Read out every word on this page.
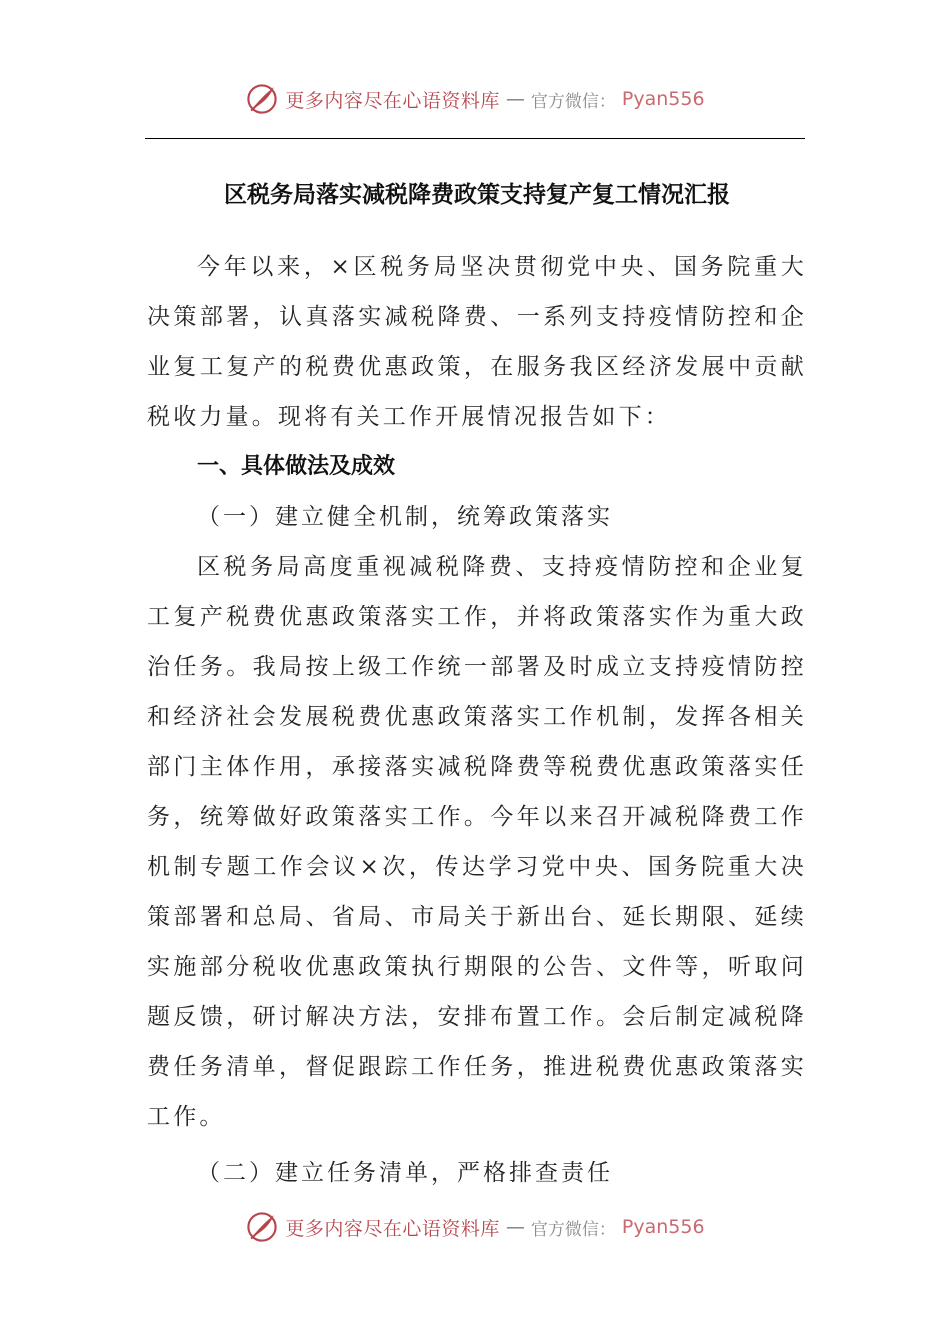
更多内容尽在心语资料库 — 官方微信： Pyan556
区税务局落实减税降费政策支持复产复工情况汇报

今年以来，×区税务局坚决贯彻党中央、国务院重大决策部署，认真落实减税降费、一系列支持疫情防控和企业复工复产的税费优惠政策，在服务我区经济发展中贡献税收力量。现将有关工作开展情况报告如下：

一、具体做法及成效
（一）建立健全机制，统筹政策落实

区税务局高度重视减税降费、支持疫情防控和企业复工复产税费优惠政策落实工作，并将政策落实作为重大政治任务。我局按上级工作统一部署及时成立支持疫情防控和经济社会发展税费优惠政策落实工作机制，发挥各相关部门主体作用，承接落实减税降费等税费优惠政策落实任务，统筹做好政策落实工作。今年以来召开减税降费工作机制专题工作会议×次，传达学习党中央、国务院重大决策部署和总局、省局、市局关于新出台、延长期限、延续实施部分税收优惠政策执行期限的公告、文件等，听取问题反馈，研讨解决方法，安排布置工作。会后制定减税降费任务清单，督促跟踪工作任务，推进税费优惠政策落实工作。

（二）建立任务清单，严格排查责任
更多内容尽在心语资料库 — 官方微信： Pyan556
